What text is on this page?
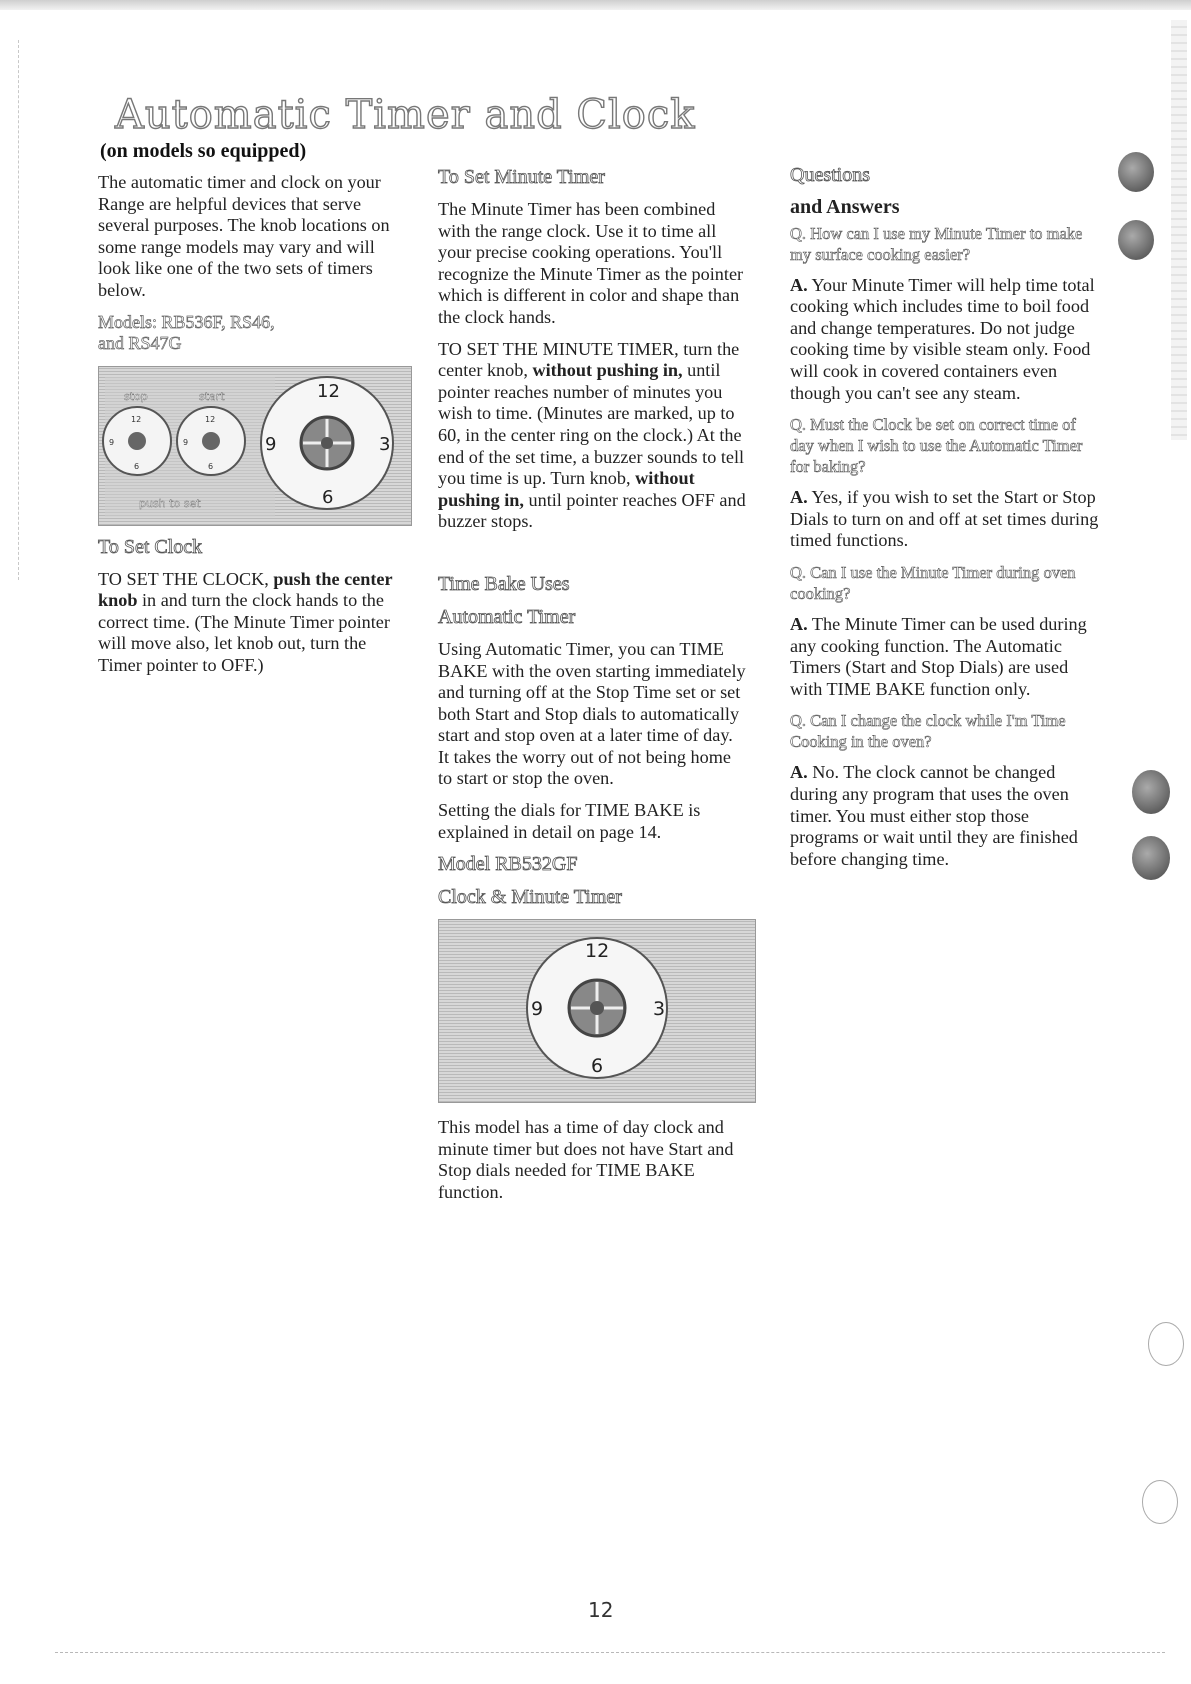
Automatic Timer and Clock

(on models so equipped)

The automatic timer and clock on your Range are helpful devices that serve several purposes. The knob locations on some range models may vary and will look like one of the two sets of timers below.

Models: RB536F, RS46,
and RS47G
stop	start
12
9
6
12
9
6
push to set
12
3
6
9

To Set Clock

TO SET THE CLOCK, push the center knob in and turn the clock hands to the correct time. (The Minute Timer pointer will move also, let knob out, turn the Timer pointer to OFF.)

To Set Minute Timer

The Minute Timer has been combined with the range clock. Use it to time all your precise cooking operations. You'll recognize the Minute Timer as the pointer which is different in color and shape than the clock hands.

TO SET THE MINUTE TIMER, turn the center knob, without pushing in, until pointer reaches number of minutes you wish to time. (Minutes are marked, up to 60, in the center ring on the clock.) At the end of the set time, a buzzer sounds to tell you time is up. Turn knob, without pushing in, until pointer reaches OFF and buzzer stops.

Time Bake Uses

Automatic Timer

Using Automatic Timer, you can TIME BAKE with the oven starting immediately and turning off at the Stop Time set or set both Start and Stop dials to automatically start and stop oven at a later time of day. It takes the worry out of not being home to start or stop the oven.

Setting the dials for TIME BAKE is explained in detail on page 14.

Model RB532GF

Clock & Minute Timer

12
3
6
9

This model has a time of day clock and minute timer but does not have Start and Stop dials needed for TIME BAKE function.

Questions

and Answers

Q. How can I use my Minute Timer to make my surface cooking easier?

A. Your Minute Timer will help time total cooking which includes time to boil food and change temperatures. Do not judge cooking time by visible steam only. Food will cook in covered containers even though you can't see any steam.

Q. Must the Clock be set on correct time of day when I wish to use the Automatic Timer for baking?

A. Yes, if you wish to set the Start or Stop Dials to turn on and off at set times during timed functions.

Q. Can I use the Minute Timer during oven cooking?

A. The Minute Timer can be used during any cooking function. The Automatic Timers (Start and Stop Dials) are used with TIME BAKE function only.

Q. Can I change the clock while I'm Time Cooking in the oven?

A. No. The clock cannot be changed during any program that uses the oven timer. You must either stop those programs or wait until they are finished before changing time.

12
